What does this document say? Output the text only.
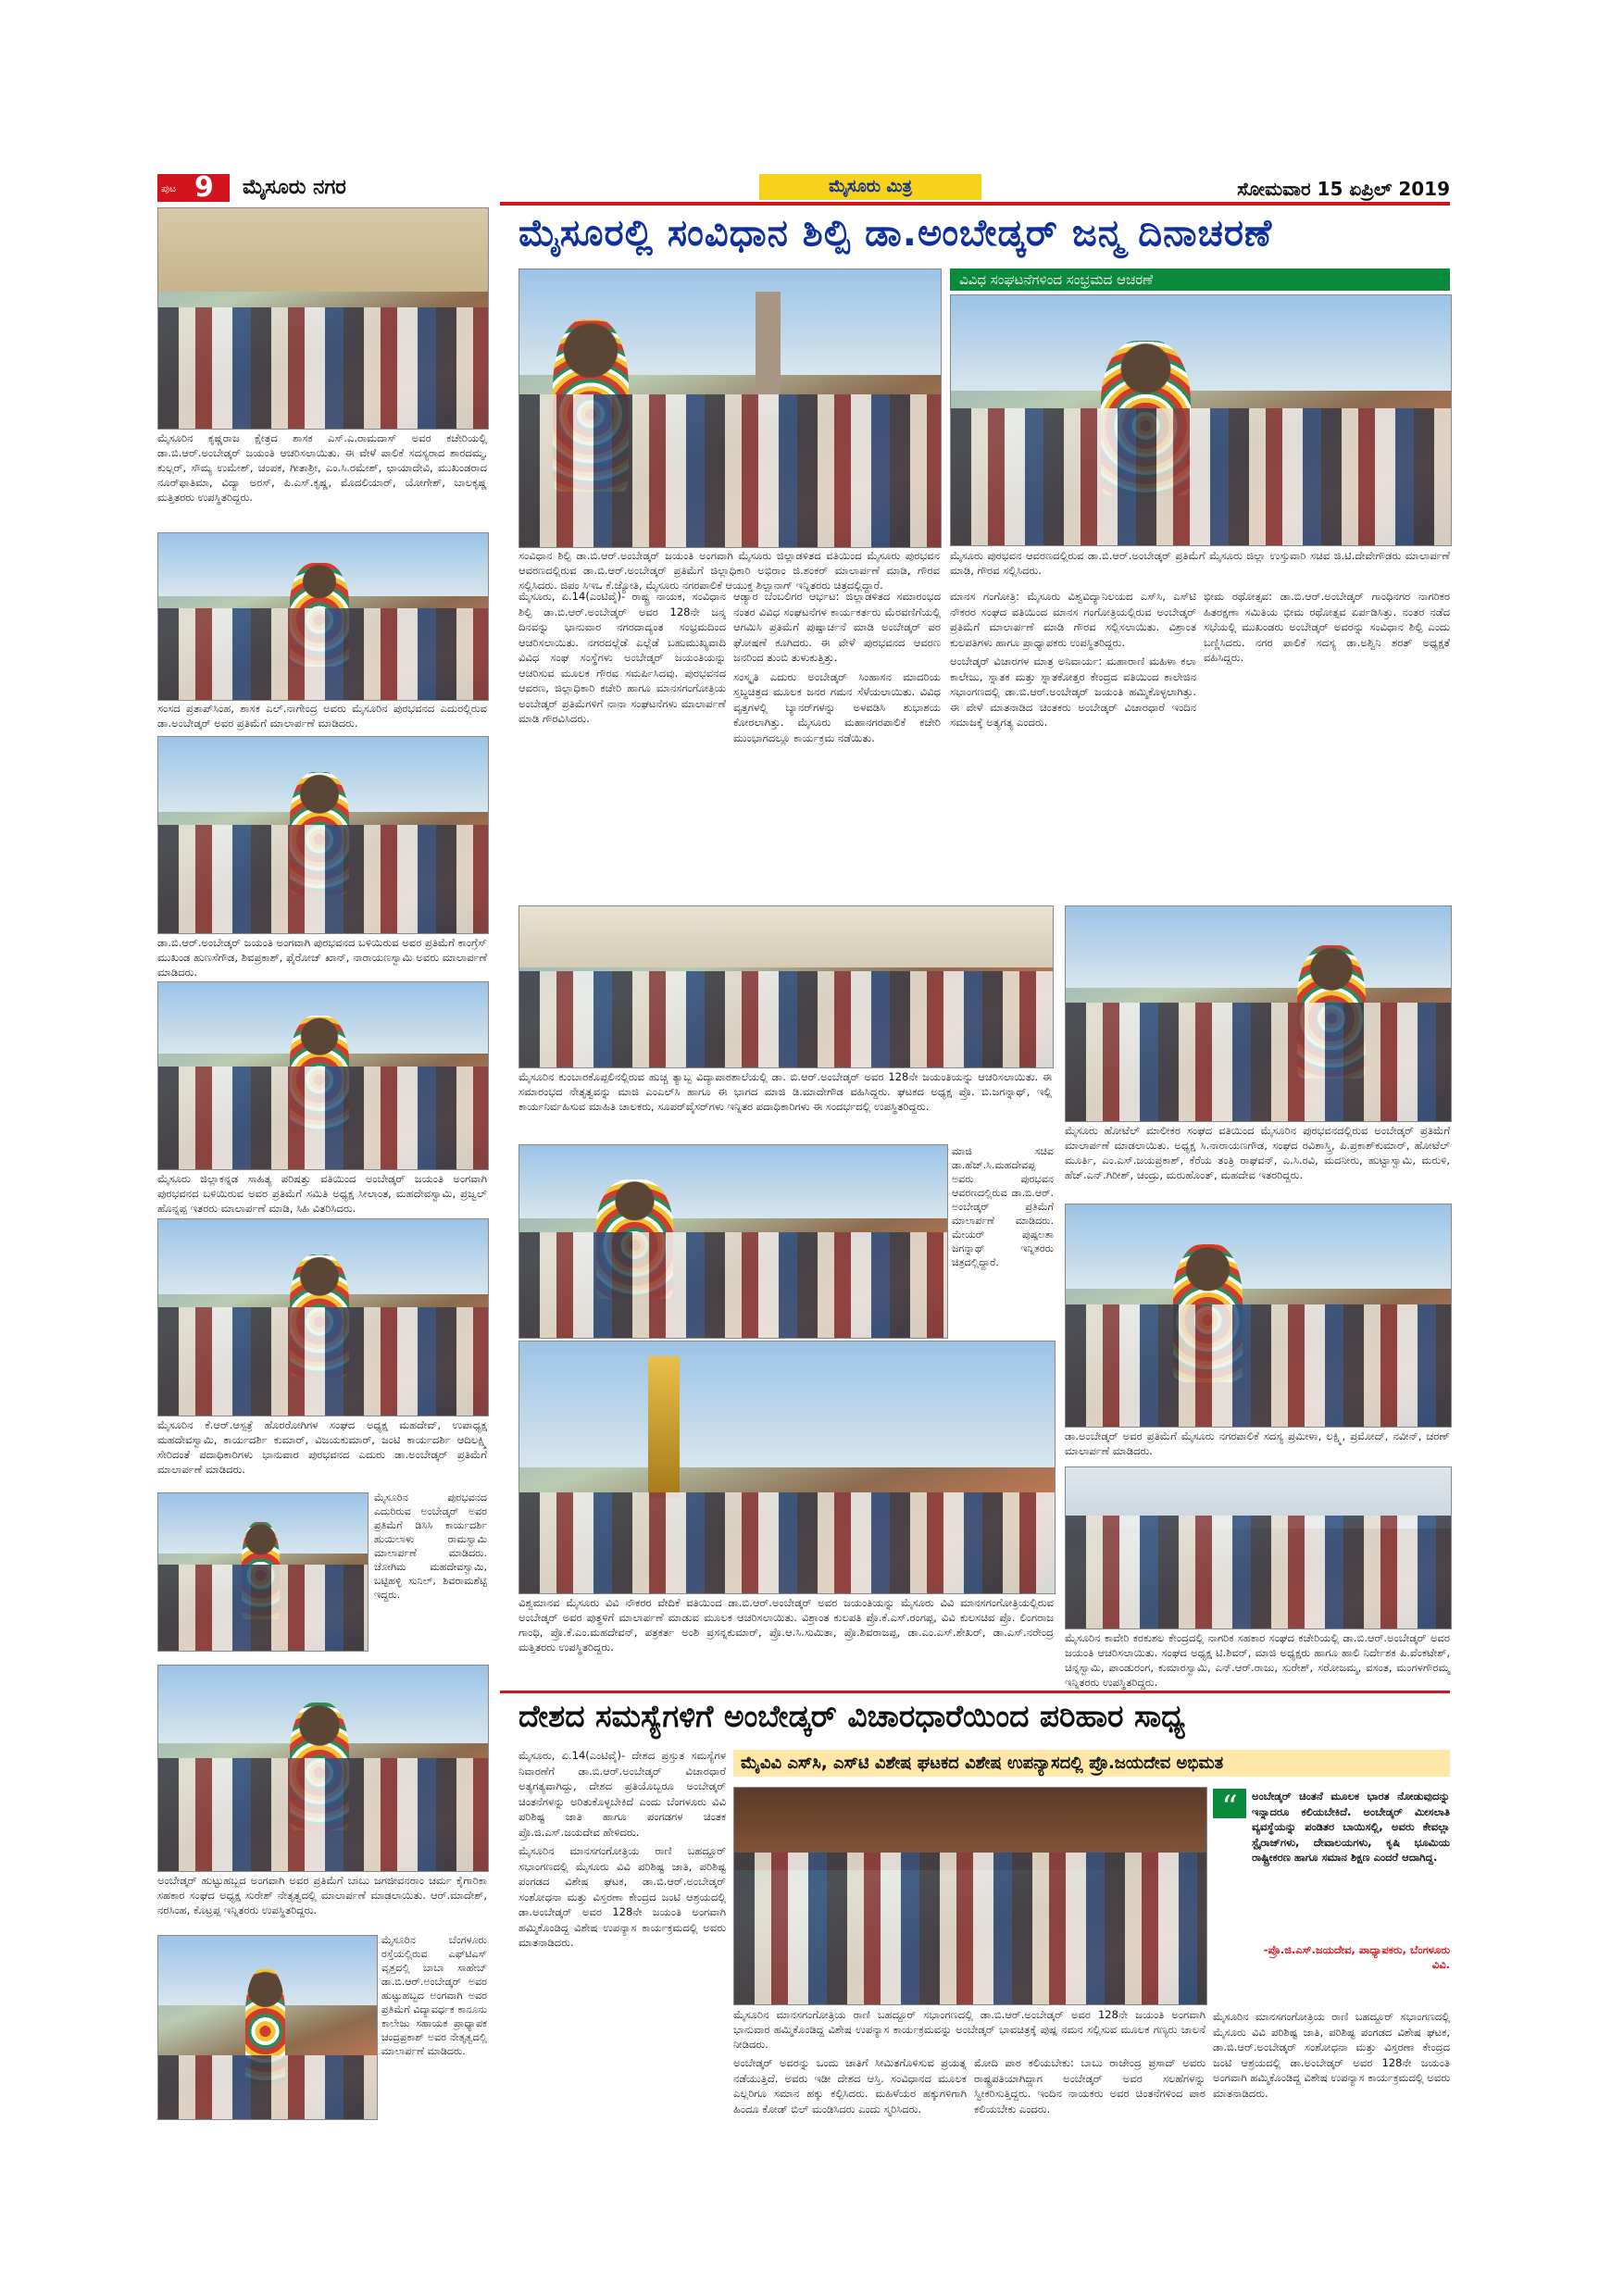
ಪುಟ 9 ಮೈಸೂರು ನಗರ	ಮೈಸೂರು ಮಿತ್ರ	ಸೋಮವಾರ 15 ಏಪ್ರಿಲ್ 2019
ಮೈಸೂರಲ್ಲಿ ಸಂವಿಧಾನ ಶಿಲ್ಪಿ ಡಾ.ಅಂಬೇಡ್ಕರ್ ಜನ್ಮ ದಿನಾಚರಣೆ
ವಿವಿಧ ಸಂಘಟನೆಗಳಿಂದ ಸಂಭ್ರಮದ ಆಚರಣೆ
ಮೈಸೂರಿನ ಕೃಷ್ಣರಾಜ ಕ್ಷೇತ್ರದ ಶಾಸಕ ಎಸ್.ಎ.ರಾಮದಾಸ್ ಅವರ ಕಚೇರಿಯಲ್ಲಿ ಡಾ.ಬಿ.ಆರ್.ಅಂಬೇಡ್ಕರ್ ಜಯಂತಿ ಆಚರಿಸಲಾಯಿತು. ಈ ವೇಳೆ ಪಾಲಿಕೆ ಸದಸ್ಯರಾದ ಶಾರದಮ್ಮ, ಕುಲ್ಲರ್, ಸೌಮ್ಯ ಉಮೇಶ್, ಚಂಪಕ, ಗೀತಾಶ್ರೀ, ಎಂ.ಸಿ.ರಮೇಶ್, ಛಾಯಾದೇವಿ, ಮುಖಂಡರಾದ ನೂರ್‌ಫಾತಿಮಾ, ವಿದ್ಯಾ ಅರಸ್, ಪಿ.ಎಸ್.ಕೃಷ್ಣ, ಮೊದಲಿಯಾರ್, ಯೋಗೇಶ್, ಬಾಲಕೃಷ್ಣ ಮತ್ತಿತರರು ಉಪಸ್ಥಿತರಿದ್ದರು.
ಸಂಸದ ಪ್ರತಾಪ್‌ಸಿಂಹ, ಶಾಸಕ ಎಲ್.ನಾಗೇಂದ್ರ ಅವರು ಮೈಸೂರಿನ ಪುರಭವನದ ಎದುರಲ್ಲಿರುವ ಡಾ.ಅಂಬೇಡ್ಕರ್ ಅವರ ಪ್ರತಿಮೆಗೆ ಮಾಲಾರ್ಪಣೆ ಮಾಡಿದರು.
ಡಾ.ಬಿ.ಆರ್.ಅಂಬೇಡ್ಕರ್ ಜಯಂತಿ ಅಂಗವಾಗಿ ಪುರಭವನದ ಬಳಿಯಿರುವ ಅವರ ಪ್ರತಿಮೆಗೆ ಕಾಂಗ್ರೆಸ್ ಮುಖಂಡ ಹುಣಸೆಗೌಡ, ಶಿವಪ್ರಕಾಶ್, ಫೈರೋಜ್ ಖಾನ್, ನಾರಾಯಣಸ್ವಾಮಿ ಅವರು ಮಾಲಾರ್ಪಣೆ ಮಾಡಿದರು.
ಮೈಸೂರು ಜಿಲ್ಲಾಕನ್ನಡ ಸಾಹಿತ್ಯ ಪರಿಷತ್ತು ವತಿಯಿಂದ ಅಂಬೇಡ್ಕರ್ ಜಯಂತಿ ಅಂಗವಾಗಿ ಪುರಭವನದ ಬಳಿಯಿರುವ ಅವರ ಪ್ರತಿಮೆಗೆ ಸಮಿತಿ ಅಧ್ಯಕ್ಷ ಸೀಲಾಂತ, ಮಹದೇವಸ್ವಾಮಿ, ಪ್ರಜ್ವಲ್ ಹೊನ್ನಪ್ಪ ಇತರರು ಮಾಲಾರ್ಪಣೆ ಮಾಡಿ, ಸಿಹಿ ವಿತರಿಸಿದರು.
ಮೈಸೂರಿನ ಕೆ.ಆರ್.ಆಸ್ಪತ್ರೆ ಹೊರರೋಗಿಗಳ ಸಂಘದ ಅಧ್ಯಕ್ಷ ಮಹದೇವ್, ಉಪಾಧ್ಯಕ್ಷ ಮಹದೇವಸ್ವಾಮಿ, ಕಾರ್ಯದರ್ಶಿ ಕುಮಾರ್, ವಿಜಯಕುಮಾರ್, ಜಂಟಿ ಕಾರ್ಯದರ್ಶಿ ಆದಿಲಕ್ಷ್ಮಿ ಸೇರಿದಂತೆ ಪದಾಧಿಕಾರಿಗಳು ಭಾನುವಾರ ಪುರಭವನದ ಎದುರು ಡಾ.ಅಂಬೇಡ್ಕರ್ ಪ್ರತಿಮೆಗೆ ಮಾಲಾರ್ಪಣೆ ಮಾಡಿದರು.
ಮೈಸೂರಿನ ಪುರಭವನದ ಎದುರಿರುವ ಅಂಬೇಡ್ಕರ್ ಅವರ ಪ್ರತಿಮೆಗೆ ಡಿಸಿಸಿ ಕಾರ್ಯದರ್ಶಿ ಹುಯಿಲಾಳು ರಾಮಸ್ವಾಮಿ ಮಾಲಾರ್ಪಣೆ ಮಾಡಿದರು. ಜೋಗಿಮ ಮಹದೇವಸ್ವಾಮಿ, ಬಟ್ಟಿಹಳ್ಳಿ ಸುನಿಲ್, ಶಿವರಾಮಶೆಟ್ಟಿ ಇದ್ದರು.
ಅಂಬೇಡ್ಕರ್ ಹುಟ್ಟುಹಬ್ಬದ ಅಂಗವಾಗಿ ಅವರ ಪ್ರತಿಮೆಗೆ ಬಾಬು ಜಗಜೀವನರಾಂ ಚರ್ಮ ಕೈಗಾರಿಕಾ ಸಹಕಾರ ಸಂಘದ ಅಧ್ಯಕ್ಷ ಸುರೇಶ್ ನೇತೃತ್ವದಲ್ಲಿ ಮಾಲಾರ್ಪಣೆ ಮಾಡಲಾಯಿತು. ಆರ್.ಮಾದೇಶ್, ನರಸಿಂಹ, ಕೊಟ್ರಪ್ಪ ಇನ್ನಿತರರು ಉಪಸ್ಥಿತರಿದ್ದರು.
ಮೈಸೂರಿನ ಬೆಂಗಳೂರು ರಸ್ತೆಯಲ್ಲಿರುವ ಎಫ್‌ಟಿಎಸ್ ವೃತ್ತದಲ್ಲಿ ಬಾಬಾ ಸಾಹೇಬ್ ಡಾ.ಬಿ.ಆರ್.ಅಂಬೇಡ್ಕರ್ ಅವರ ಹುಟ್ಟುಹಬ್ಬದ ಅಂಗವಾಗಿ ಅವರ ಪ್ರತಿಮೆಗೆ ವಿದ್ಯಾವರ್ಧಕ ಕಾನೂನು ಕಾಲೇಜು ಸಹಾಯಕ ಪ್ರಾಧ್ಯಾಪಕ ಚಂದ್ರಪ್ರಕಾಶ್ ಅವರ ನೇತೃತ್ವದಲ್ಲಿ ಮಾಲಾರ್ಪಣೆ ಮಾಡಿದರು.
ಸಂವಿಧಾನ ಶಿಲ್ಪಿ ಡಾ.ಬಿ.ಆರ್.ಅಂಬೇಡ್ಕರ್ ಜಯಂತಿ ಅಂಗವಾಗಿ ಮೈಸೂರು ಜಿಲ್ಲಾಡಳಿತದ ವತಿಯಿಂದ ಮೈಸೂರು ಪುರಭವನ ಆವರಣದಲ್ಲಿರುವ ಡಾ.ಬಿ.ಆರ್.ಅಂಬೇಡ್ಕರ್ ಪ್ರತಿಮೆಗೆ ಜಿಲ್ಲಾಧಿಕಾರಿ ಅಭಿರಾಂ ಜಿ.ಶಂಕರ್ ಮಾಲಾರ್ಪಣೆ ಮಾಡಿ, ಗೌರವ ಸಲ್ಲಿಸಿದರು. ಜಿಪಂ ಸಿಇಒ ಕೆ.ಜ್ಯೋತಿ, ಮೈಸೂರು ನಗರಪಾಲಿಕೆ ಆಯುಕ್ತ ಶಿಲ್ಪಾನಾಗ್ ಇನ್ನಿತರರು ಚಿತ್ರದಲ್ಲಿದ್ದಾರೆ.
ಮೈಸೂರು ಪುರಭವನ ಆವರಣದಲ್ಲಿರುವ ಡಾ.ಬಿ.ಆರ್.ಅಂಬೇಡ್ಕರ್ ಪ್ರತಿಮೆಗೆ ಮೈಸೂರು ಜಿಲ್ಲಾ ಉಸ್ತುವಾರಿ ಸಚಿವ ಜಿ.ಟಿ.ದೇವೇಗೌಡರು ಮಾಲಾರ್ಪಣೆ ಮಾಡಿ, ಗೌರವ ಸಲ್ಲಿಸಿದರು.

ಮೈಸೂರು, ಏ.14(ಎಂಟಿವೈ)- ರಾಷ್ಟ್ರ ನಾಯಕ, ಸಂವಿಧಾನ ಶಿಲ್ಪಿ ಡಾ.ಬಿ.ಆರ್.ಅಂಬೇಡ್ಕರ್ ಅವರ 128ನೇ ಜನ್ಮ ದಿನವನ್ನು ಭಾನುವಾರ ನಗರದಾದ್ಯಂತ ಸಂಭ್ರಮದಿಂದ ಆಚರಿಸಲಾಯಿತು. ನಗರದಲ್ಲೆಡೆ ಎಲ್ಲೆಡೆ ಬಹುಮುಖ್ಯವಾದಿ ವಿವಿಧ ಸಂಘ ಸಂಸ್ಥೆಗಳು ಅಂಬೇಡ್ಕರ್ ಜಯಂತಿಯನ್ನು ಆಚರಿಸುವ ಮೂಲಕ ಗೌರವ ಸಮರ್ಪಿಸಿದವು. ಪುರಭವನದ ಆವರಣ, ಜಿಲ್ಲಾಧಿಕಾರಿ ಕಚೇರಿ ಹಾಗೂ ಮಾನಸಗಂಗೋತ್ರಿಯ ಅಂಬೇಡ್ಕರ್ ಪ್ರತಿಮೆಗಳಿಗೆ ನಾನಾ ಸಂಘಟನೆಗಳು ಮಾಲಾರ್ಪಣೆ ಮಾಡಿ ಗೌರವಿಸಿದರು.

ಆಡ್ಯಾರ ಬೆಂಬಲಿಗರ ಆರ್ಭಟ: ಜಿಲ್ಲಾಡಳಿತದ ಸಮಾರಂಭದ ನಂತರ ವಿವಿಧ ಸಂಘಟನೆಗಳ ಕಾರ್ಯಕರ್ತರು ಮೆರವಣಿಗೆಯಲ್ಲಿ ಆಗಮಿಸಿ ಪ್ರತಿಮೆಗೆ ಪುಷ್ಪಾರ್ಚನೆ ಮಾಡಿ ಅಂಬೇಡ್ಕರ್ ಪರ ಘೋಷಣೆ ಕೂಗಿದರು. ಈ ವೇಳೆ ಪುರಭವನದ ಆವರಣ ಜನರಿಂದ ತುಂಬಿ ತುಳುಕುತ್ತಿತ್ತು.

ಸಂಸ್ಕೃತಿ ಎದುರು ಅಂಬೇಡ್ಕರ್ ಸಿಂಹಾಸನ ಮಾದರಿಯ ಸ್ತಬ್ಧಚಿತ್ರದ ಮೂಲಕ ಜನರ ಗಮನ ಸೆಳೆಯಲಾಯಿತು. ವಿವಿಧ ವೃತ್ತಗಳಲ್ಲಿ ಬ್ಯಾನರ್‌ಗಳನ್ನು ಅಳವಡಿಸಿ ಶುಭಾಶಯ ಕೋರಲಾಗಿತ್ತು. ಮೈಸೂರು ಮಹಾನಗರಪಾಲಿಕೆ ಕಚೇರಿ ಮುಂಭಾಗದಲ್ಲೂ ಕಾರ್ಯಕ್ರಮ ನಡೆಯಿತು.

ಮಾನಸ ಗಂಗೋತ್ರಿ: ಮೈಸೂರು ವಿಶ್ವವಿದ್ಯಾನಿಲಯದ ಎಸ್‌ಸಿ, ಎಸ್‌ಟಿ ನೌಕರರ ಸಂಘದ ವತಿಯಿಂದ ಮಾನಸ ಗಂಗೋತ್ರಿಯಲ್ಲಿರುವ ಅಂಬೇಡ್ಕರ್ ಪ್ರತಿಮೆಗೆ ಮಾಲಾರ್ಪಣೆ ಮಾಡಿ ಗೌರವ ಸಲ್ಲಿಸಲಾಯಿತು. ವಿಶ್ರಾಂತ ಕುಲಪತಿಗಳು ಹಾಗೂ ಪ್ರಾಧ್ಯಾಪಕರು ಉಪಸ್ಥಿತರಿದ್ದರು.

ಅಂಬೇಡ್ಕರ್ ವಿಚಾರಗಳ ಮಾತ್ರ ಅನಿವಾರ್ಯ: ಮಹಾರಾಣಿ ಮಹಿಳಾ ಕಲಾ ಕಾಲೇಜು, ಸ್ನಾತಕ ಮತ್ತು ಸ್ನಾತಕೋತ್ತರ ಕೇಂದ್ರದ ವತಿಯಿಂದ ಕಾಲೇಜಿನ ಸಭಾಂಗಣದಲ್ಲಿ ಡಾ.ಬಿ.ಆರ್.ಅಂಬೇಡ್ಕರ್ ಜಯಂತಿ ಹಮ್ಮಿಕೊಳ್ಳಲಾಗಿತ್ತು. ಈ ವೇಳೆ ಮಾತನಾಡಿದ ಚಿಂತಕರು ಅಂಬೇಡ್ಕರ್ ವಿಚಾರಧಾರೆ ಇಂದಿನ ಸಮಾಜಕ್ಕೆ ಅತ್ಯಗತ್ಯ ಎಂದರು.

ಭೀಮ ರಥೋತ್ಸವ: ಡಾ.ಬಿ.ಆರ್.ಅಂಬೇಡ್ಕರ್ ಗಾಂಧಿನಗರ ನಾಗರಿಕರ ಹಿತರಕ್ಷಣಾ ಸಮಿತಿಯ ಭೀಮ ರಥೋತ್ಸವ ಏರ್ಪಡಿಸಿತ್ತು. ನಂತರ ನಡೆದ ಸಭೆಯಲ್ಲಿ ಮುಖಂಡರು ಅಂಬೇಡ್ಕರ್ ಅವರನ್ನು ಸಂವಿಧಾನ ಶಿಲ್ಪಿ ಎಂದು ಬಣ್ಣಿಸಿದರು. ನಗರ ಪಾಲಿಕೆ ಸದಸ್ಯ ಡಾ.ಅಶ್ವಿನಿ ಶರತ್ ಅಧ್ಯಕ್ಷತೆ ವಹಿಸಿದ್ದರು.

ಮೈಸೂರಿನ ಕುಂಬಾರಕೊಪ್ಪಲಿನಲ್ಲಿರುವ ಹುಚ್ಚ ತ್ಯಾಬ್ಬ ವಿದ್ಯಾಪಾಠಶಾಲೆಯಲ್ಲಿ ಡಾ. ಬಿ.ಆರ್.ಅಂಬೇಡ್ಕರ್ ಅವರ 128ನೇ ಜಯಂತಿಯನ್ನು ಆಚರಿಸಲಾಯಿತು. ಈ ಸಮಾರಂಭದ ನೇತೃತ್ವವನ್ನು ಮಾಜಿ ಎಂಎಲ್‌ಸಿ ಹಾಗೂ ಈ ಭಾಗದ ಮಾಜಿ ಡಿ.ಮಾದೇಗೌಡ ವಹಿಸಿದ್ದರು. ಘಟಕದ ಅಧ್ಯಕ್ಷ ಪ್ರೊ. ಬಿ.ಜಗನ್ನಾಥ್, ಇಲ್ಲಿ ಕಾರ್ಯನಿರ್ವಹಿಸುವ ಮಾಹಿತಿ ಚಾಲಕರು, ಸೂಪರ್‌ವೈಸರ್‌ಗಳು ಇನ್ನಿತರ ಪದಾಧಿಕಾರಿಗಳು ಈ ಸಂದರ್ಭದಲ್ಲಿ ಉಪಸ್ಥಿತರಿದ್ದರು.
ಮೈಸೂರು ಹೋಟೆಲ್ ಮಾಲೀಕರ ಸಂಘದ ವತಿಯಿಂದ ಮೈಸೂರಿನ ಪುರಭವನದಲ್ಲಿರುವ ಅಂಬೇಡ್ಕರ್ ಪ್ರತಿಮೆಗೆ ಮಾಲಾರ್ಪಣೆ ಮಾಡಲಾಯಿತು. ಅಧ್ಯಕ್ಷ ಸಿ.ನಾರಾಯಣಗೌಡ, ಸಂಘದ ರವಿಶಾಸ್ತ್ರಿ, ಪಿ.ಪ್ರಕಾಶ್‌ಕುಮಾರ್, ಹೋಟೆಲ್‌ ಮೂರ್ತಿ, ಎಂ.ಎಸ್.ಜಯಪ್ರಕಾಶ್, ಕೆರೆಯ ತಂತ್ರಿ ರಾಘವನ್, ಎ.ಸಿ.ರವಿ, ಮದನೀರು, ಹುಟ್ಟಾಸ್ವಾಮಿ, ಮರುಳಿ, ಹೆಚ್.ಎನ್.ಗಿರೀಶ್, ಚಂದ್ರು, ಮರುಹೊಂತ್, ಮಹದೇವ ಇತರರಿದ್ದರು.
ಮಾಜಿ ಸಚಿವ ಡಾ.ಹೆಚ್.ಸಿ.ಮಹದೇವಪ್ಪ ಅವರು ಪುರಭವನ ಆವರಣದಲ್ಲಿರುವ ಡಾ.ಬಿ.ಆರ್. ಅಂಬೇಡ್ಕರ್ ಪ್ರತಿಮೆಗೆ ಮಾಲಾರ್ಪಣೆ ಮಾಡಿದರು. ಮೇಯರ್ ಪುಷ್ಪಲತಾ ಜಗನ್ನಾಥ್ ಇನ್ನಿತರರು ಚಿತ್ರದಲ್ಲಿದ್ದಾರೆ.
ಡಾ.ಅಂಬೇಡ್ಕರ್ ಅವರ ಪ್ರತಿಮೆಗೆ ಮೈಸೂರು ನಗರಪಾಲಿಕೆ ಸದಸ್ಯ ಪ್ರಮೀಳಾ, ಲಕ್ಷ್ಮಿ, ಪ್ರಮೋದ್, ನವೀನ್, ಚರಣ್ ಮಾಲಾರ್ಪಣೆ ಮಾಡಿದರು.
ವಿಶ್ವಮಾನವ ಮೈಸೂರು ವಿವಿ ನೌಕರರ ವೇದಿಕೆ ವತಿಯಿಂದ ಡಾ.ಬಿ.ಆರ್.ಅಂಬೇಡ್ಕರ್ ಅವರ ಜಯಂತಿಯನ್ನು ಮೈಸೂರು ವಿವಿ ಮಾನಸಗಂಗೋತ್ರಿಯಲ್ಲಿರುವ ಅಂಬೇಡ್ಕರ್ ಅವರ ಪುತ್ಥಳಿಗೆ ಮಾಲಾರ್ಪಣೆ ಮಾಡುವ ಮೂಲಕ ಆಚರಿಸಲಾಯಿತು. ವಿಶ್ರಾಂತ ಕುಲಪತಿ ಪ್ರೊ.ಕೆ.ಎಸ್.ರಂಗಪ್ಪ, ವಿವಿ ಕುಲಸಚಿವ ಪ್ರೊ. ಲಿಂಗರಾಜ ಗಾಂಧಿ, ಪ್ರೊ.ಕೆ.ಎಂ.ಮಹದೇವನ್, ಪತ್ರಕರ್ತ ಅಂಶಿ ಪ್ರಸನ್ನಕುಮಾರ್, ಪ್ರೊ.ಆ.ಸಿ.ಸುಮಿತಾ, ಪ್ರೊ.ಶಿವರಾಜಪ್ಪ, ಡಾ.ಎಂ.ಎಸ್.ಶೇಖರ್, ಡಾ.ಎಸ್.ನರೇಂದ್ರ ಮತ್ತಿತರರು ಉಪಸ್ಥಿತರಿದ್ದರು.
ಮೈಸೂರಿನ ಕಾವೇರಿ ಕರಕುಶಲ ಕೇಂದ್ರದಲ್ಲಿ ನಾಗರಿಕ ಸಹಕಾರ ಸಂಘದ ಕಚೇರಿಯಲ್ಲಿ ಡಾ.ಬಿ.ಆರ್.ಅಂಬೇಡ್ಕರ್ ಅವರ ಜಯಂತಿ ಆಚರಿಸಲಾಯಿತು. ಸಂಘದ ಅಧ್ಯಕ್ಷ ಟಿ.ಶಿವರ್, ಮಾಜಿ ಅಧ್ಯಕ್ಷರು ಹಾಗೂ ಹಾಲಿ ನಿರ್ದೇಶಕ ಪಿ.ವೆಂಕಟೇಶ್, ಚಿನ್ನಸ್ವಾಮಿ, ಪಾಂಡುರಂಗ, ಕುಮಾರಸ್ವಾಮಿ, ಎನ್.ಆರ್.ರಾಜು, ಸುರೇಶ್, ಸರೋಜಮ್ಮ, ವಸಂತ, ಮಂಗಳಗೌರಮ್ಮ ಇನ್ನಿತರರು ಉಪಸ್ಥಿತರಿದ್ದರು.
ದೇಶದ ಸಮಸ್ಯೆಗಳಿಗೆ ಅಂಬೇಡ್ಕರ್ ವಿಚಾರಧಾರೆಯಿಂದ ಪರಿಹಾರ ಸಾಧ್ಯ

ಮೈಸೂರು, ಏ.14(ಎಂಟಿವೈ)- ದೇಶದ ಪ್ರಸ್ತುತ ಸಮಸ್ಯೆಗಳ ನಿವಾರಣೆಗೆ ಡಾ.ಬಿ.ಆರ್.ಅಂಬೇಡ್ಕರ್ ವಿಚಾರಧಾರೆ ಅತ್ಯಗತ್ಯವಾಗಿದ್ದು, ದೇಶದ ಪ್ರತಿಯೊಬ್ಬರೂ ಅಂಬೇಡ್ಕರ್ ಚಿಂತನೆಗಳನ್ನು ಅರಿತುಕೊಳ್ಳಬೇಕಿದೆ ಎಂದು ಬೆಂಗಳೂರು ವಿವಿ ಪರಿಶಿಷ್ಟ ಜಾತಿ ಹಾಗೂ ಪಂಗಡಗಳ ಚಿಂತಕ ಪ್ರೊ.ಜಿ.ಎಸ್.ಜಯದೇವ ಹೇಳಿದರು.

ಮೈಸೂರಿನ ಮಾನಸಗಂಗೋತ್ರಿಯ ರಾಣಿ ಬಹದ್ದೂರ್ ಸಭಾಂಗಣದಲ್ಲಿ ಮೈಸೂರು ವಿವಿ ಪರಿಶಿಷ್ಟ ಜಾತಿ, ಪರಿಶಿಷ್ಟ ಪಂಗಡದ ವಿಶೇಷ ಘಟಕ, ಡಾ.ಬಿ.ಆರ್.ಅಂಬೇಡ್ಕರ್ ಸಂಶೋಧನಾ ಮತ್ತು ವಿಸ್ತರಣಾ ಕೇಂದ್ರದ ಜಂಟಿ ಆಶ್ರಯದಲ್ಲಿ ಡಾ.ಅಂಬೇಡ್ಕರ್ ಅವರ 128ನೇ ಜಯಂತಿ ಅಂಗವಾಗಿ ಹಮ್ಮಿಕೊಂಡಿದ್ದ ವಿಶೇಷ ಉಪನ್ಯಾಸ ಕಾರ್ಯಕ್ರಮದಲ್ಲಿ ಅವರು ಮಾತನಾಡಿದರು.

ಮೈವಿವಿ ಎಸ್‌ಸಿ, ಎಸ್‌ಟಿ ವಿಶೇಷ ಘಟಕದ ವಿಶೇಷ ಉಪನ್ಯಾಸದಲ್ಲಿ ಪ್ರೊ.ಜಯದೇವ ಅಭಿಮತ
ಮೈಸೂರಿನ ಮಾನಸಗಂಗೋತ್ರಿಯ ರಾಣಿ ಬಹದ್ದೂರ್ ಸಭಾಂಗಣದಲ್ಲಿ ಡಾ.ಬಿ.ಆರ್.ಅಂಬೇಡ್ಕರ್ ಅವರ 128ನೇ ಜಯಂತಿ ಅಂಗವಾಗಿ ಭಾನುವಾರ ಹಮ್ಮಿಕೊಂಡಿದ್ದ ವಿಶೇಷ ಉಪನ್ಯಾಸ ಕಾರ್ಯಕ್ರಮವನ್ನು ಅಂಬೇಡ್ಕರ್ ಭಾವಚಿತ್ರಕ್ಕೆ ಪುಷ್ಪ ನಮನ ಸಲ್ಲಿಸುವ ಮೂಲಕ ಗಣ್ಯರು ಚಾಲನೆ ನೀಡಿದರು.

ಅಂಬೇಡ್ಕರ್ ಅವರನ್ನು ಒಂದು ಜಾತಿಗೆ ಸೀಮಿತಗೊಳಿಸುವ ಪ್ರಯತ್ನ ನಡೆಯುತ್ತಿದೆ. ಅವರು ಇಡೀ ದೇಶದ ಆಸ್ತಿ. ಸಂವಿಧಾನದ ಮೂಲಕ ಎಲ್ಲರಿಗೂ ಸಮಾನ ಹಕ್ಕು ಕಲ್ಪಿಸಿದರು. ಮಹಿಳೆಯರ ಹಕ್ಕುಗಳಿಗಾಗಿ ಹಿಂದೂ ಕೋಡ್ ಬಿಲ್ ಮಂಡಿಸಿದರು ಎಂದು ಸ್ಮರಿಸಿದರು.

ಮೋದಿ ಪಾಠ ಕಲಿಯಬೇಕು: ಬಾಬು ರಾಜೇಂದ್ರ ಪ್ರಸಾದ್ ಅವರು ರಾಷ್ಟ್ರಪತಿಯಾಗಿದ್ದಾಗ ಅಂಬೇಡ್ಕರ್ ಅವರ ಸಲಹೆಗಳನ್ನು ಸ್ವೀಕರಿಸುತ್ತಿದ್ದರು. ಇಂದಿನ ನಾಯಕರು ಅವರ ಚಿಂತನೆಗಳಿಂದ ಪಾಠ ಕಲಿಯಬೇಕು ಎಂದರು.

“	ಅಂಬೇಡ್ಕರ್ ಚಿಂತನೆ ಮೂಲಕ ಭಾರತ ನೋಡುವುದನ್ನು ಇನ್ನಾದರೂ ಕಲಿಯಬೇಕಿದೆ. ಅಂಬೇಡ್ಕರ್ ಮೀಸಲಾತಿ ವ್ಯವಸ್ಥೆಯನ್ನು ಪಂಡಿತರ ಬಾಯಿಸಲ್ಲಿ, ಅವರು ಕೇವಲ್ಲಾ ಸ್ಟೈರಾಜ್‌ಗಳು, ದೇವಾಲಯಗಳು, ಕೃಷಿ ಭೂಮಿಯ ರಾಷ್ಟ್ರೀಕರಣ ಹಾಗೂ ಸಮಾನ ಶಿಕ್ಷಣ ಎಂದರೆ ಆದಾಗಿದ್ದ.
-ಪ್ರೊ.ಜಿ.ಎಸ್.ಜಯದೇವ, ಪಾಧ್ಯಾಪಕರು, ಬೆಂಗಳೂರು ವಿವಿ.

ಮೈಸೂರಿನ ಮಾನಸಗಂಗೋತ್ರಿಯ ರಾಣಿ ಬಹದ್ದೂರ್ ಸಭಾಂಗಣದಲ್ಲಿ ಮೈಸೂರು ವಿವಿ ಪರಿಶಿಷ್ಟ ಜಾತಿ, ಪರಿಶಿಷ್ಟ ಪಂಗಡದ ವಿಶೇಷ ಘಟಕ, ಡಾ.ಬಿ.ಆರ್.ಅಂಬೇಡ್ಕರ್ ಸಂಶೋಧನಾ ಮತ್ತು ವಿಸ್ತರಣಾ ಕೇಂದ್ರದ ಜಂಟಿ ಆಶ್ರಯದಲ್ಲಿ ಡಾ.ಅಂಬೇಡ್ಕರ್ ಅವರ 128ನೇ ಜಯಂತಿ ಅಂಗವಾಗಿ ಹಮ್ಮಿಕೊಂಡಿದ್ದ ವಿಶೇಷ ಉಪನ್ಯಾಸ ಕಾರ್ಯಕ್ರಮದಲ್ಲಿ ಅವರು ಮಾತನಾಡಿದರು.
